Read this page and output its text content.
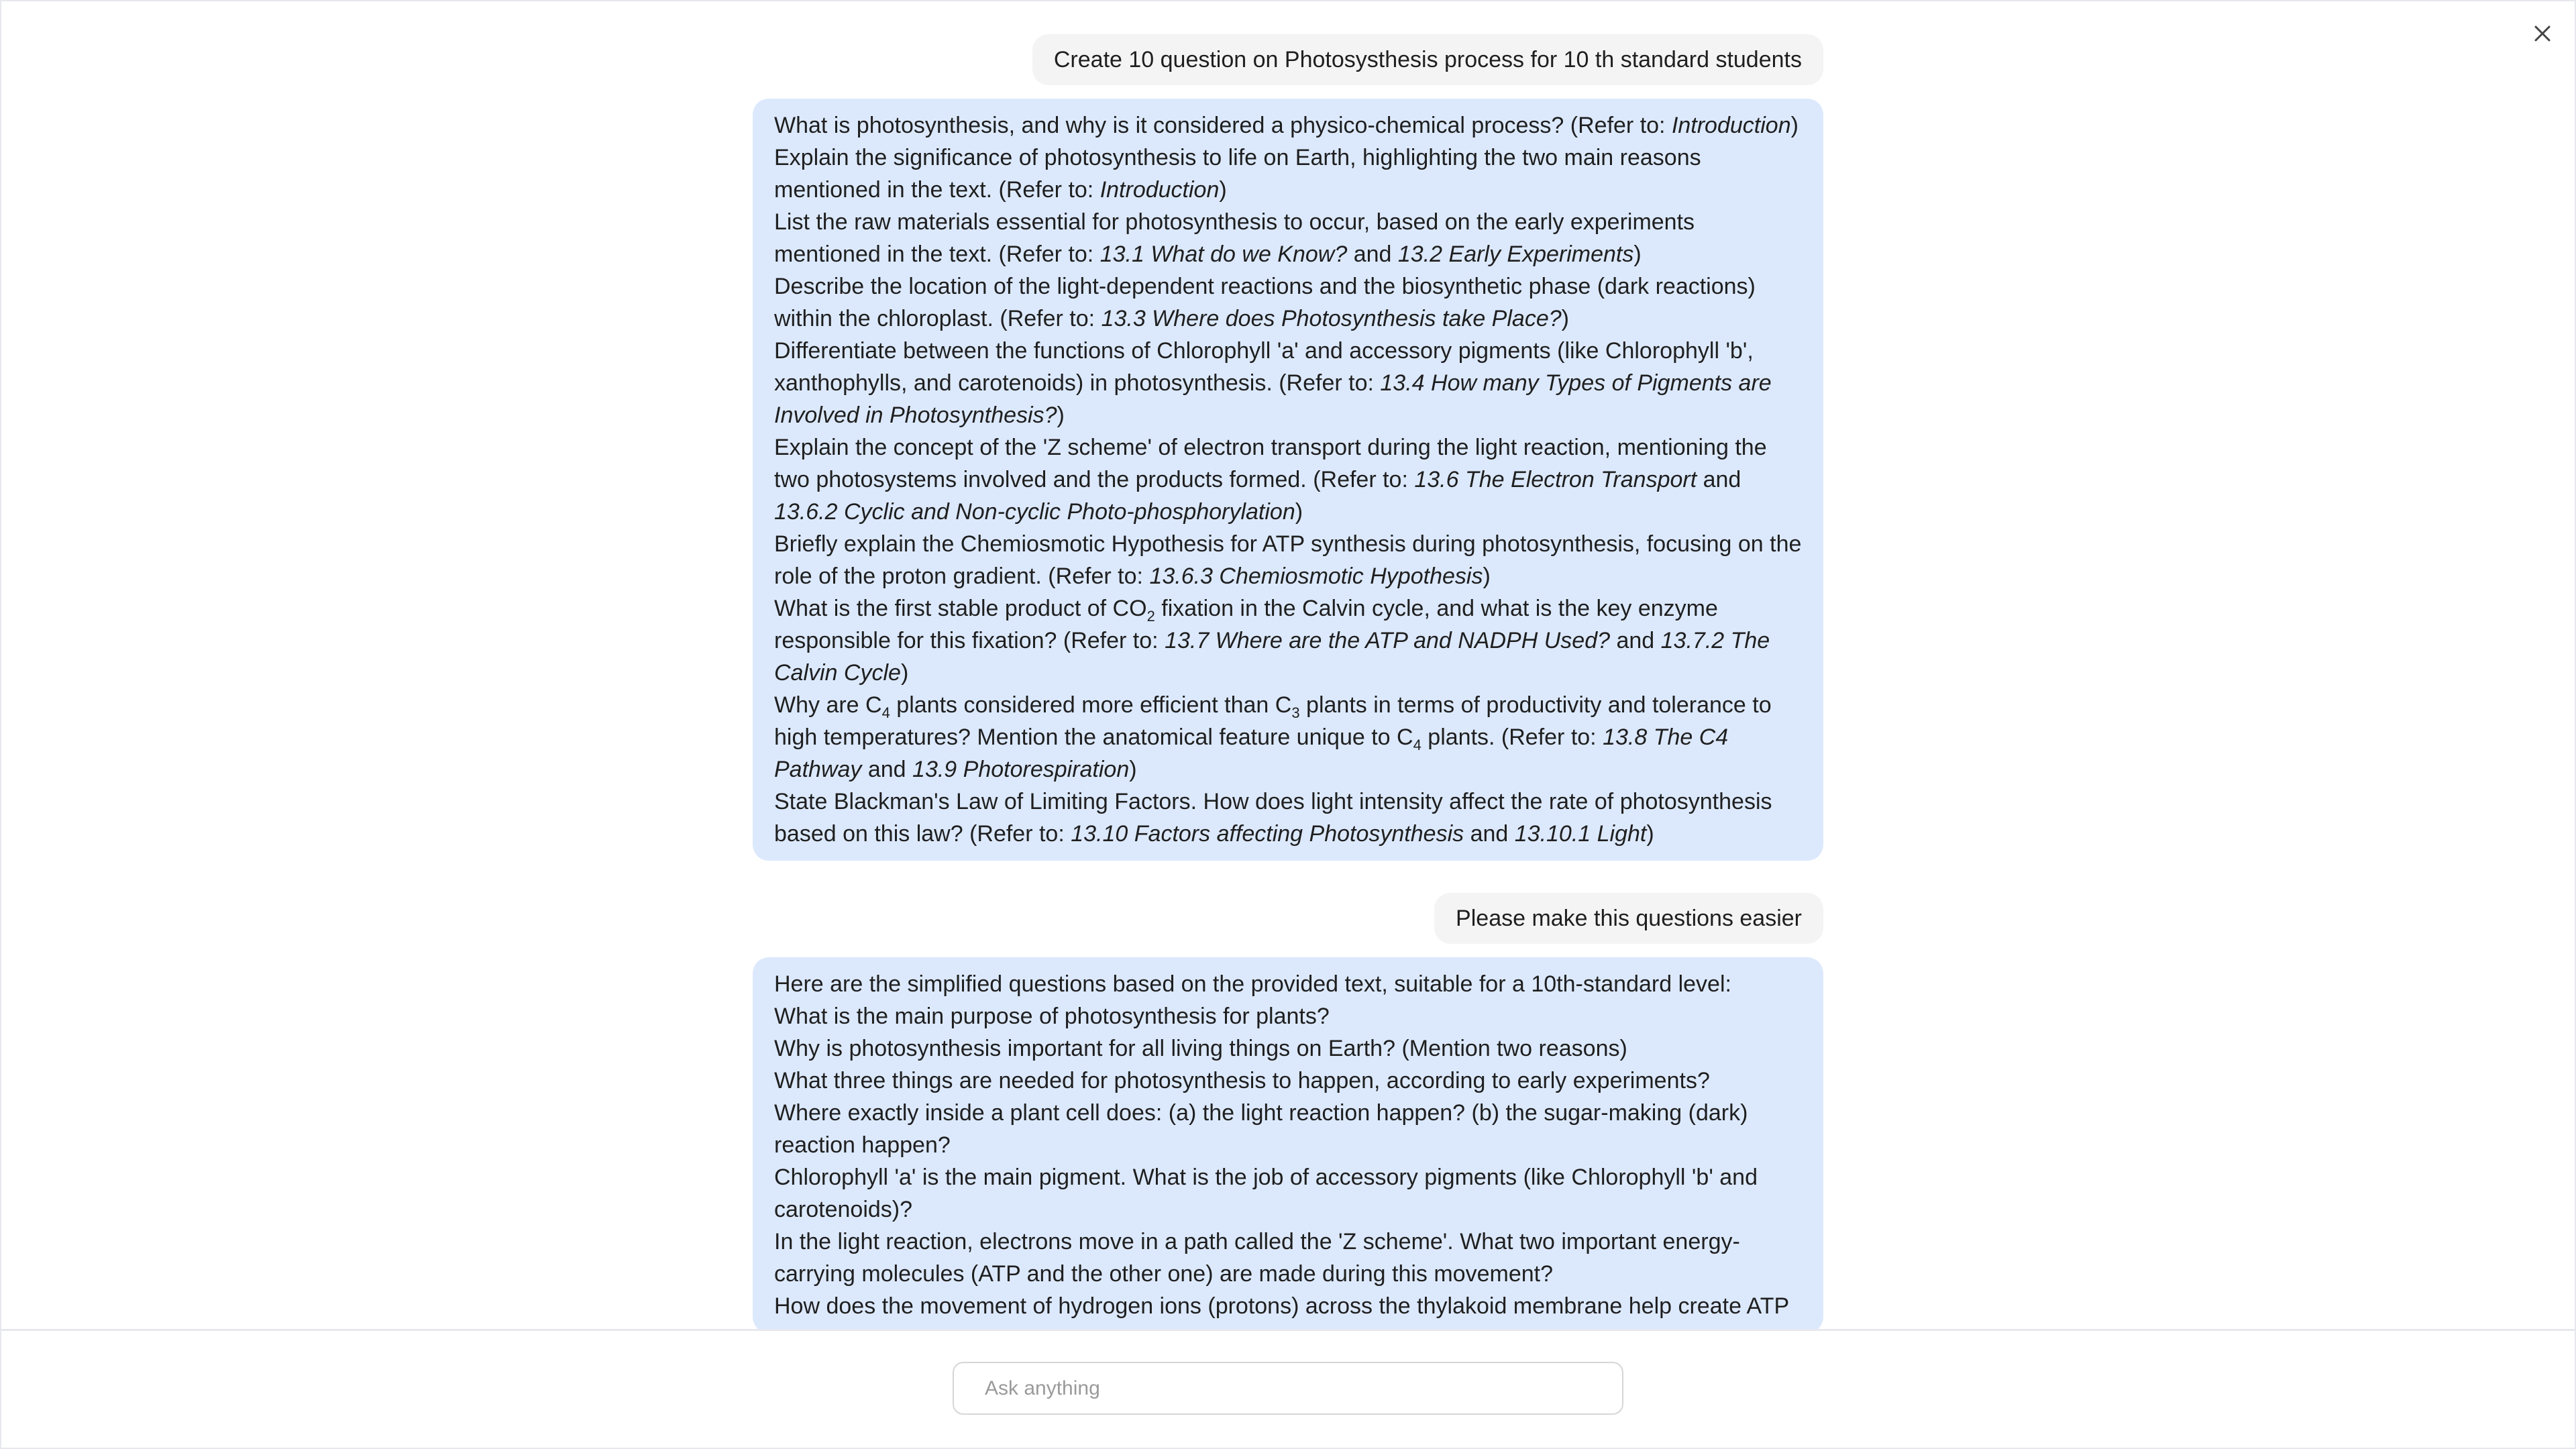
Create 10 question on Photosysthesis process for 10 th standard students
What is photosynthesis, and why is it considered a physico-chemical process? (Refer to: Introduction)
Explain the significance of photosynthesis to life on Earth, highlighting the two main reasons mentioned in the text. (Refer to: Introduction)
List the raw materials essential for photosynthesis to occur, based on the early experiments mentioned in the text. (Refer to: 13.1 What do we Know? and 13.2 Early Experiments)
Describe the location of the light-dependent reactions and the biosynthetic phase (dark reactions) within the chloroplast. (Refer to: 13.3 Where does Photosynthesis take Place?)
Differentiate between the functions of Chlorophyll 'a' and accessory pigments (like Chlorophyll 'b', xanthophylls, and carotenoids) in photosynthesis. (Refer to: 13.4 How many Types of Pigments are Involved in Photosynthesis?)
Explain the concept of the 'Z scheme' of electron transport during the light reaction, mentioning the two photosystems involved and the products formed. (Refer to: 13.6 The Electron Transport and 13.6.2 Cyclic and Non-cyclic Photo-phosphorylation)
Briefly explain the Chemiosmotic Hypothesis for ATP synthesis during photosynthesis, focusing on the role of the proton gradient. (Refer to: 13.6.3 Chemiosmotic Hypothesis)
What is the first stable product of $CO_2$ fixation in the Calvin cycle, and what is the key enzyme responsible for this fixation? (Refer to: 13.7 Where are the ATP and NADPH Used? and 13.7.2 The Calvin Cycle)
Why are $C_4$ plants considered more efficient than $C_3$ plants in terms of productivity and tolerance to high temperatures? Mention the anatomical feature unique to $C_4$ plants. (Refer to: 13.8 The C4 Pathway and 13.9 Photorespiration)
State Blackman's Law of Limiting Factors. How does light intensity affect the rate of photosynthesis based on this law? (Refer to: 13.10 Factors affecting Photosynthesis and 13.10.1 Light)
Please make this questions easier
Here are the simplified questions based on the provided text, suitable for a 10th-standard level:
What is the main purpose of photosynthesis for plants?
Why is photosynthesis important for all living things on Earth? (Mention two reasons)
What three things are needed for photosynthesis to happen, according to early experiments?
Where exactly inside a plant cell does: (a) the light reaction happen? (b) the sugar-making (dark) reaction happen?
Chlorophyll 'a' is the main pigment. What is the job of accessory pigments (like Chlorophyll 'b' and carotenoids)?
In the light reaction, electrons move in a path called the 'Z scheme'. What two important energy-carrying molecules (ATP and the other one) are made during this movement?
How does the movement of hydrogen ions (protons) across the thylakoid membrane help create ATP
Ask anything
